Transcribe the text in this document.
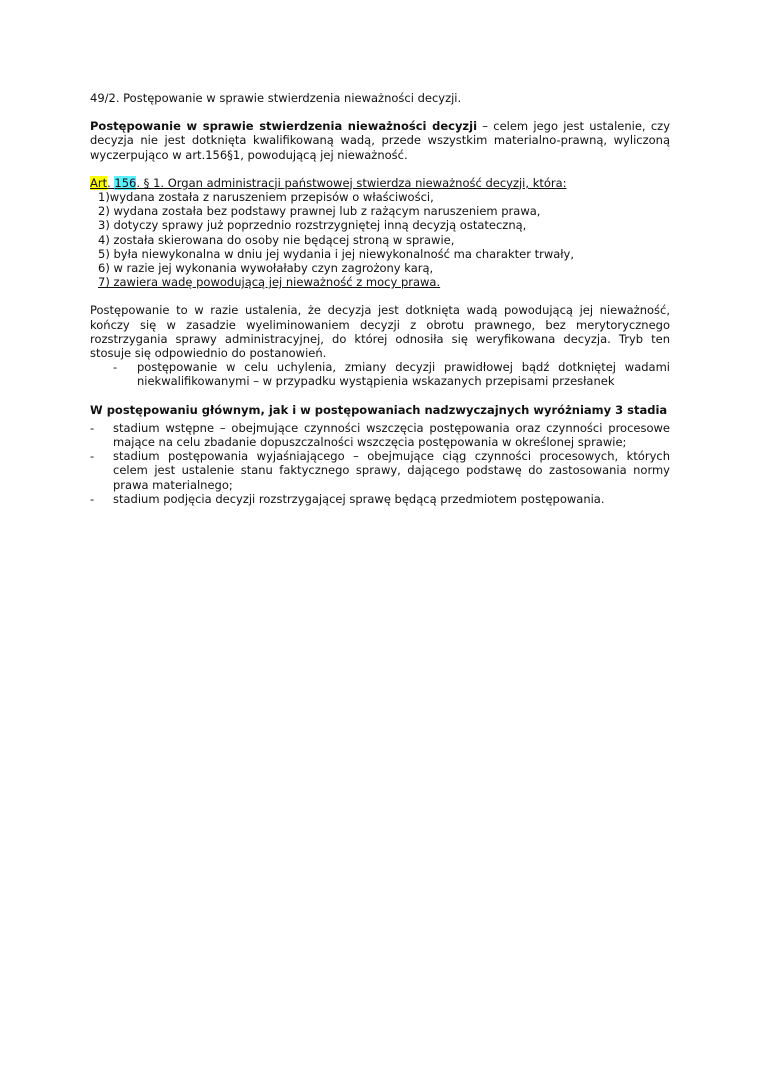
49/2. Postępowanie w sprawie stwierdzenia nieważności decyzji.

Postępowanie w sprawie stwierdzenia nieważności decyzji – celem jego jest ustalenie, czy decyzja nie jest dotknięta kwalifikowaną wadą, przede wszystkim materialno-prawną, wyliczoną wyczerpująco w art.156§1, powodującą jej nieważność.

Art. 156. § 1. Organ administracji państwowej stwierdza nieważność decyzji, która:

1)wydana została z naruszeniem przepisów o właściwości,
2) wydana została bez podstawy prawnej lub z rażącym naruszeniem prawa,
3) dotyczy sprawy już poprzednio rozstrzygniętej inną decyzją ostateczną,
4) została skierowana do osoby nie będącej stroną w sprawie,
5) była niewykonalna w dniu jej wydania i jej niewykonalność ma charakter trwały,
6) w razie jej wykonania wywołałaby czyn zagrożony karą,
7) zawiera wadę powodującą jej nieważność z mocy prawa.

Postępowanie to w razie ustalenia, że decyzja jest dotknięta wadą powodującą jej nieważność, kończy się w zasadzie wyeliminowaniem decyzji z obrotu prawnego, bez merytorycznego rozstrzygania sprawy administracyjnej, do której odnosiła się weryfikowana decyzja. Tryb ten stosuje się odpowiednio do postanowień.

-	postępowanie w celu uchylenia, zmiany decyzji prawidłowej bądź dotkniętej wadami niekwalifikowanymi – w przypadku wystąpienia wskazanych przepisami przesłanek

W postępowaniu głównym, jak i w postępowaniach nadzwyczajnych wyróżniamy 3 stadia

-	stadium wstępne – obejmujące czynności wszczęcia postępowania oraz czynności procesowe mające na celu zbadanie dopuszczalności wszczęcia postępowania w określonej sprawie;
-	stadium postępowania wyjaśniającego – obejmujące ciąg czynności procesowych, których celem jest ustalenie stanu faktycznego sprawy, dającego podstawę do zastosowania normy prawa materialnego;
-	stadium podjęcia decyzji rozstrzygającej sprawę będącą przedmiotem postępowania.
